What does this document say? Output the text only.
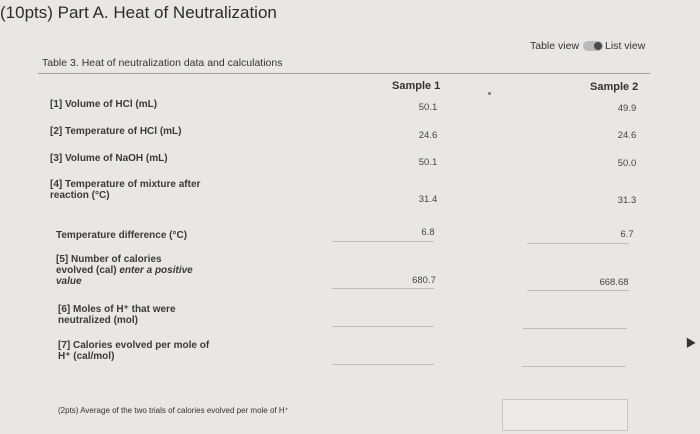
(10pts) Part A. Heat of Neutralization
Table view List view
Table 3. Heat of neutralization data and calculations
Sample 1	Sample 2
[1] Volume of HCl (mL)	50.1	49.9
[2] Temperature of HCl (mL)	24.6	24.6
[3] Volume of NaOH (mL)	50.1	50.0
[4] Temperature of mixture after
reaction (°C)	31.4	31.3
Temperature difference (°C)	6.8	6.7
[5] Number of calories
evolved (cal) enter a positive
value	680.7	668.68
[6] Moles of H⁺ that were
neutralized (mol)
[7] Calories evolved per mole of
H⁺ (cal/mol)
(2pts) Average of the two trials of calories evolved per mole of H⁺
